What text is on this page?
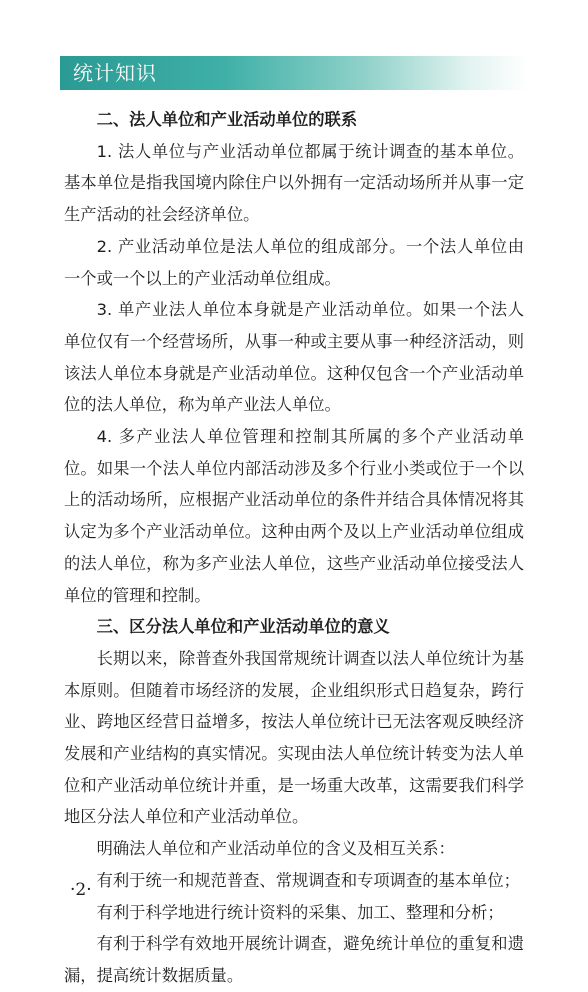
统计知识

二、法人单位和产业活动单位的联系

1. 法人单位与产业活动单位都属于统计调查的基本单位。基本单位是指我国境内除住户以外拥有一定活动场所并从事一定生产活动的社会经济单位。

2. 产业活动单位是法人单位的组成部分。一个法人单位由一个或一个以上的产业活动单位组成。

3. 单产业法人单位本身就是产业活动单位。如果一个法人单位仅有一个经营场所，从事一种或主要从事一种经济活动，则该法人单位本身就是产业活动单位。这种仅包含一个产业活动单位的法人单位，称为单产业法人单位。

4. 多产业法人单位管理和控制其所属的多个产业活动单位。如果一个法人单位内部活动涉及多个行业小类或位于一个以上的活动场所，应根据产业活动单位的条件并结合具体情况将其认定为多个产业活动单位。这种由两个及以上产业活动单位组成的法人单位，称为多产业法人单位，这些产业活动单位接受法人单位的管理和控制。

三、区分法人单位和产业活动单位的意义

长期以来，除普查外我国常规统计调查以法人单位统计为基本原则。但随着市场经济的发展，企业组织形式日趋复杂，跨行业、跨地区经营日益增多，按法人单位统计已无法客观反映经济发展和产业结构的真实情况。实现由法人单位统计转变为法人单位和产业活动单位统计并重，是一场重大改革，这需要我们科学地区分法人单位和产业活动单位。

明确法人单位和产业活动单位的含义及相互关系：

有利于统一和规范普查、常规调查和专项调查的基本单位；

有利于科学地进行统计资料的采集、加工、整理和分析；

有利于科学有效地开展统计调查，避免统计单位的重复和遗漏，提高统计数据质量。

·2·
